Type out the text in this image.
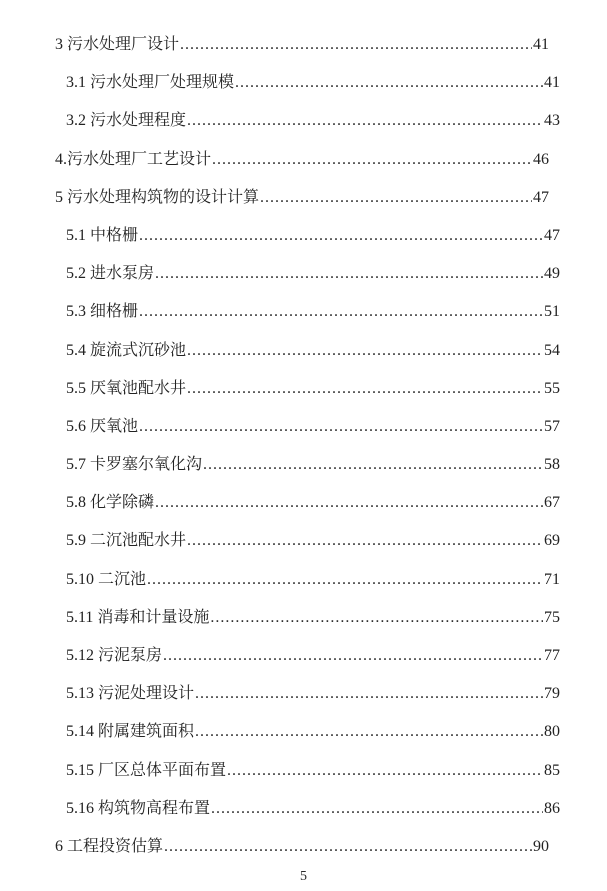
3 污水处理厂设计 .....	41
3.1 污水处理厂处理规模 .....	41
3.2 污水处理程度 .....	43
4.污水处理厂工艺设计 .....	46
5 污水处理构筑物的设计计算 .....	47
5.1 中格栅 .....	47
5.2 进水泵房 .....	49
5.3 细格栅 .....	51
5.4 旋流式沉砂池 .....	54
5.5 厌氧池配水井 .....	55
5.6 厌氧池 .....	57
5.7 卡罗塞尔氧化沟 .....	58
5.8 化学除磷 .....	67
5.9 二沉池配水井 .....	69
5.10 二沉池 .....	71
5.11 消毒和计量设施 .....	75
5.12 污泥泵房 .....	77
5.13 污泥处理设计 .....	79
5.14 附属建筑面积 .....	80
5.15 厂区总体平面布置 .....	85
5.16 构筑物高程布置 .....	86
6 工程投资估算 .....	90
5
